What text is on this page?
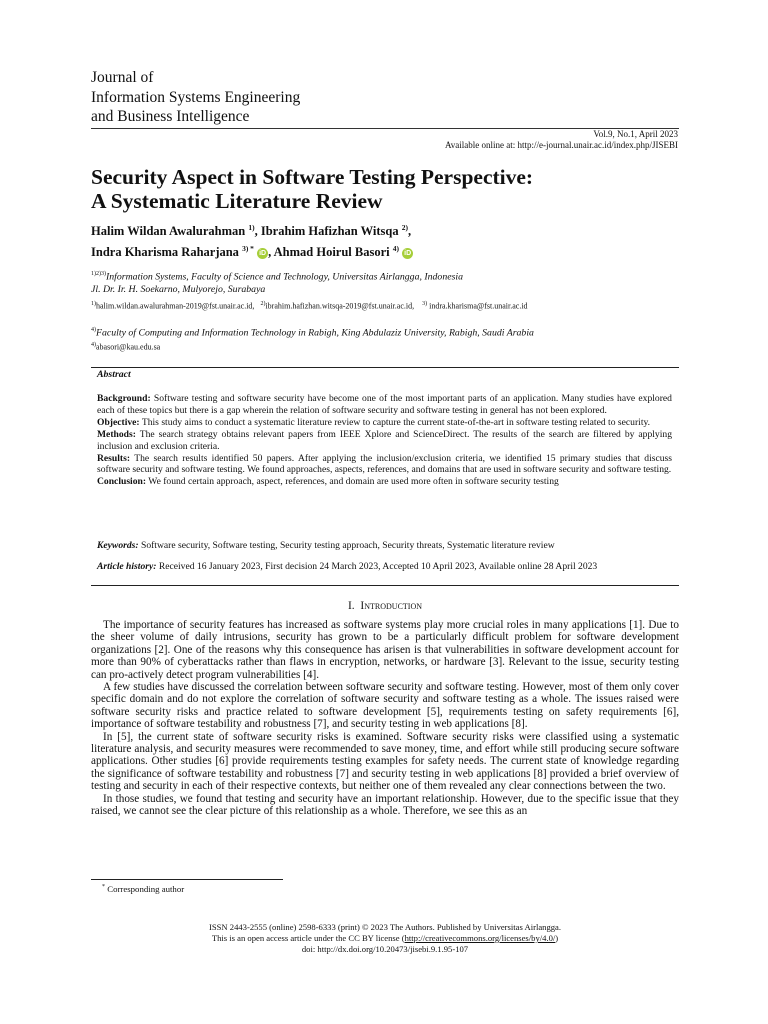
Journal of
Information Systems Engineering
and Business Intelligence
Vol.9, No.1, April 2023
Available online at: http://e-journal.unair.ac.id/index.php/JISEBI
Security Aspect in Software Testing Perspective:
A Systematic Literature Review
Halim Wildan Awalurahman $^{1)}$, Ibrahim Hafizhan Witsqa $^{2)}$,
Indra Kharisma Raharjana $^{3) *}$ iD , Ahmad Hoirul Basori $^{4)}$ iD
$^{1)2)3)}$Information Systems, Faculty of Science and Technology, Universitas Airlangga, Indonesia
Jl. Dr. Ir. H. Soekarno, Mulyorejo, Surabaya
$^{1)}$halim.wildan.awalurahman-2019@fst.unair.ac.id, $^{2)}$ibrahim.hafizhan.witsqa-2019@fst.unair.ac.id, $^{3)}$ indra.kharisma@fst.unair.ac.id
$^{4)}$Faculty of Computing and Information Technology in Rabigh, King Abdulaziz University, Rabigh, Saudi Arabia
$^{4)}$abasori@kau.edu.sa
Abstract

Background: Software testing and software security have become one of the most important parts of an application. Many studies have explored each of these topics but there is a gap wherein the relation of software security and software testing in general has not been explored.

Objective: This study aims to conduct a systematic literature review to capture the current state-of-the-art in software testing related to security.

Methods: The search strategy obtains relevant papers from IEEE Xplore and ScienceDirect. The results of the search are filtered by applying inclusion and exclusion criteria.

Results: The search results identified 50 papers. After applying the inclusion/exclusion criteria, we identified 15 primary studies that discuss software security and software testing. We found approaches, aspects, references, and domains that are used in software security and software testing.

Conclusion: We found certain approach, aspect, references, and domain are used more often in software security testing

Keywords: Software security, Software testing, Security testing approach, Security threats, Systematic literature review
Article history: Received 16 January 2023, First decision 24 March 2023, Accepted 10 April 2023, Available online 28 April 2023
I. Introduction

The importance of security features has increased as software systems play more crucial roles in many applications [1]. Due to the sheer volume of daily intrusions, security has grown to be a particularly difficult problem for software development organizations [2]. One of the reasons why this consequence has arisen is that vulnerabilities in software development account for more than 90% of cyberattacks rather than flaws in encryption, networks, or hardware [3]. Relevant to the issue, security testing can pro-actively detect program vulnerabilities [4].

A few studies have discussed the correlation between software security and software testing. However, most of them only cover specific domain and do not explore the correlation of software security and software testing as a whole. The issues raised were software security risks and practice related to software development [5], requirements testing on safety requirements [6], importance of software testability and robustness [7], and security testing in web applications [8].

In [5], the current state of software security risks is examined. Software security risks were classified using a systematic literature analysis, and security measures were recommended to save money, time, and effort while still producing secure software applications. Other studies [6] provide requirements testing examples for safety needs. The current state of knowledge regarding the significance of software testability and robustness [7] and security testing in web applications [8] provided a brief overview of testing and security in each of their respective contexts, but neither one of them revealed any clear connections between the two.

In those studies, we found that testing and security have an important relationship. However, due to the specific issue that they raised, we cannot see the clear picture of this relationship as a whole. Therefore, we see this as an

* Corresponding author
ISSN 2443-2555 (online) 2598-6333 (print) © 2023 The Authors. Published by Universitas Airlangga.
This is an open access article under the CC BY license (http://creativecommons.org/licenses/by/4.0/)
doi: http://dx.doi.org/10.20473/jisebi.9.1.95-107
